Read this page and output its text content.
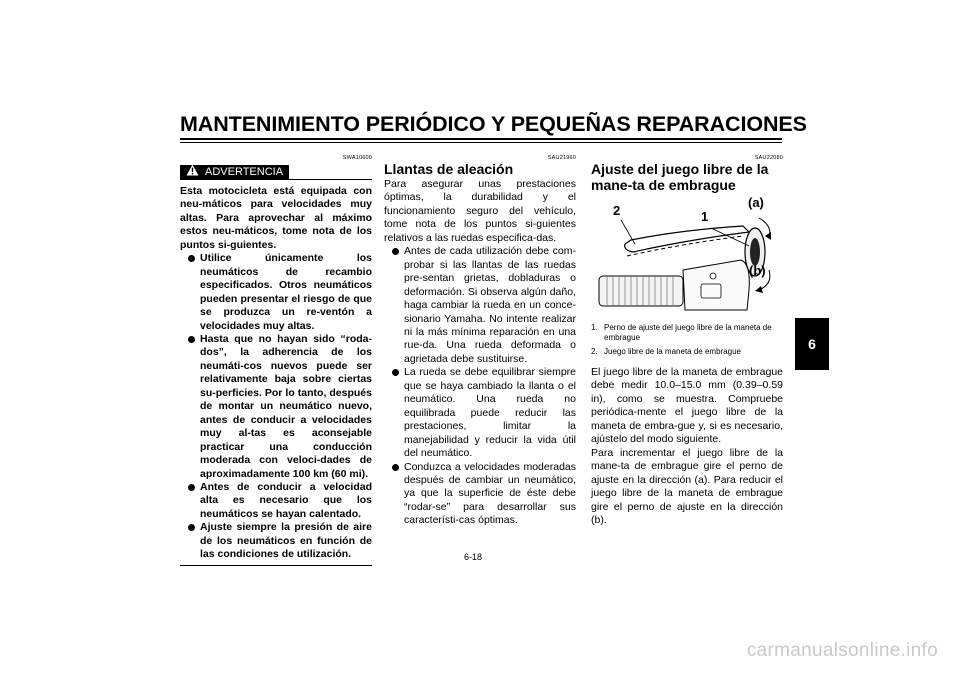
MANTENIMIENTO PERIÓDICO Y PEQUEÑAS REPARACIONES
6
SWA10600
ADVERTENCIA
Esta motocicleta está equipada con neu-máticos para velocidades muy altas. Para aprovechar al máximo estos neu-máticos, tome nota de los puntos si-guientes.
Utilice únicamente los neumáticos de recambio especificados. Otros neumáticos pueden presentar el riesgo de que se produzca un re-ventón a velocidades muy altas.
Hasta que no hayan sido “roda-dos”, la adherencia de los neumáti-cos nuevos puede ser relativamente baja sobre ciertas su-perficies. Por lo tanto, después de montar un neumático nuevo, antes de conducir a velocidades muy al-tas es aconsejable practicar una conducción moderada con veloci-dades de aproximadamente 100 km (60 mi).
Antes de conducir a velocidad alta es necesario que los neumáticos se hayan calentado.
Ajuste siempre la presión de aire de los neumáticos en función de las condiciones de utilización.
SAU21960
Llantas de aleación
Para asegurar unas prestaciones óptimas, la durabilidad y el funcionamiento seguro del vehículo, tome nota de los puntos si-guientes relativos a las ruedas especifica-das.
Antes de cada utilización debe com-probar si las llantas de las ruedas pre-sentan grietas, dobladuras o deformación. Si observa algún daño, haga cambiar la rueda en un conce-sionario Yamaha. No intente realizar ni la más mínima reparación en una rue-da. Una rueda deformada o agrietada debe sustituirse.
La rueda se debe equilibrar siempre que se haya cambiado la llanta o el neumático. Una rueda no equilibrada puede reducir las prestaciones, limitar la manejabilidad y reducir la vida útil del neumático.
Conduzca a velocidades moderadas después de cambiar un neumático, ya que la superficie de éste debe “rodar-se” para desarrollar sus característi-cas óptimas.
SAU22080
Ajuste del juego libre de la mane-ta de embrague
2	1
(a)
(b)
1. Perno de ajuste del juego libre de la maneta de embrague
2. Juego libre de la maneta de embrague
El juego libre de la maneta de embrague debe medir 10.0–15.0 mm (0.39–0.59 in), como se muestra. Compruebe periódica-mente el juego libre de la maneta de embra-gue y, si es necesario, ajústelo del modo siguiente.
Para incrementar el juego libre de la mane-ta de embrague gire el perno de ajuste en la dirección (a). Para reducir el juego libre de la maneta de embrague gire el perno de ajuste en la dirección (b).
6-18
carmanualsonline.info
